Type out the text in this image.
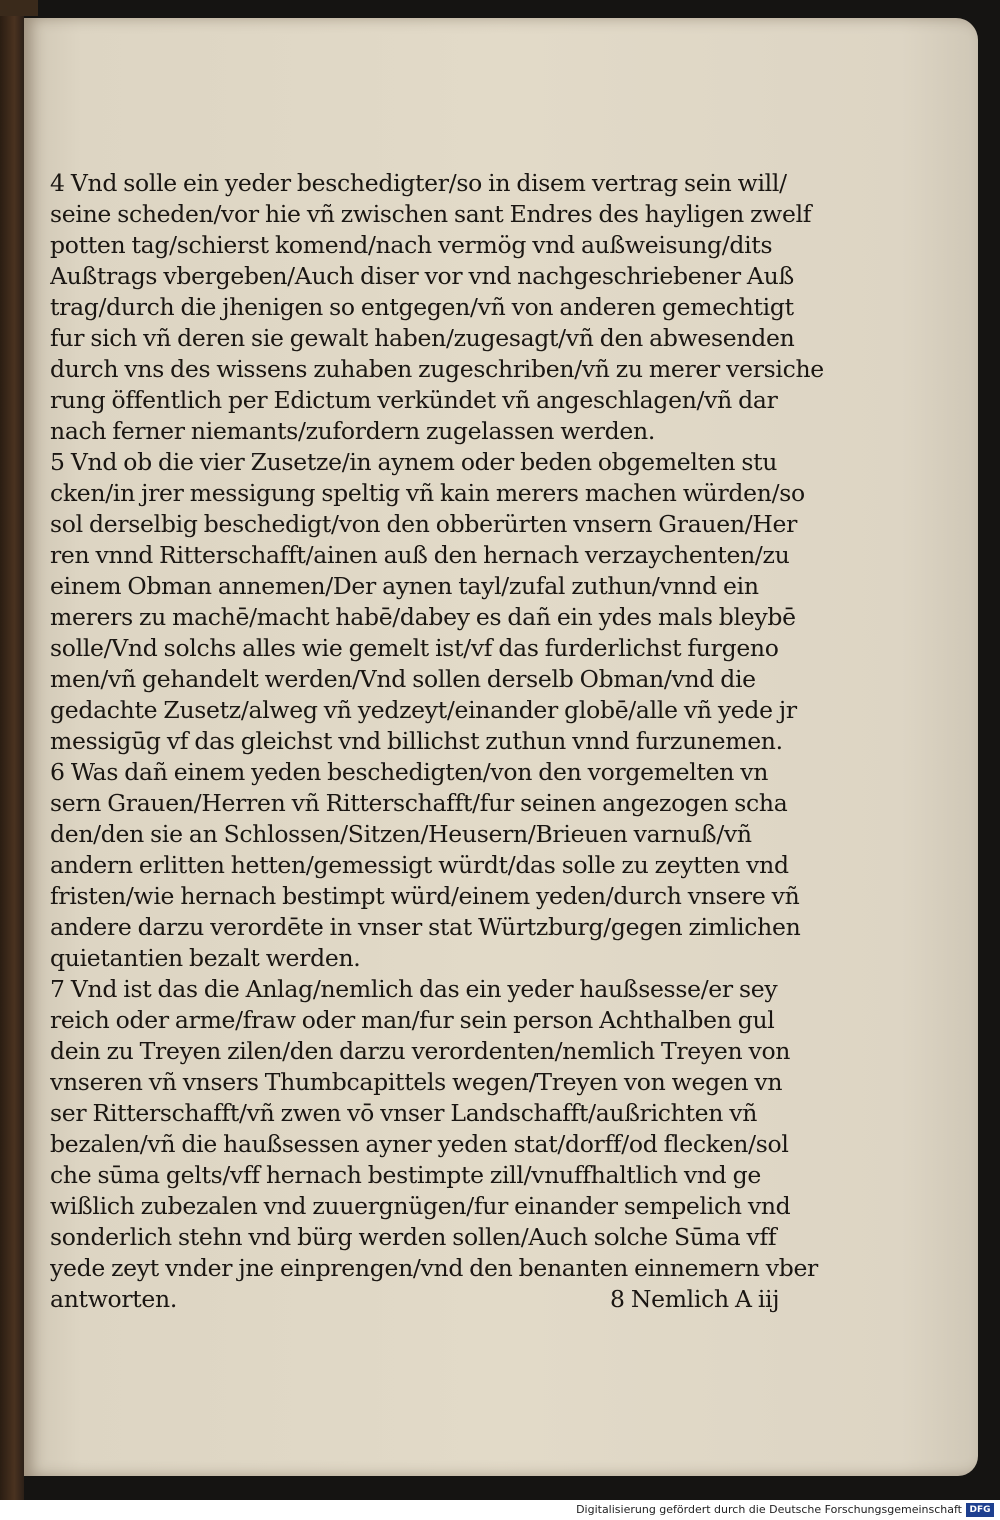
4 Vnd solle ein yeder beschedigter/so in disem vertrag sein will/
seine scheden/vor hie vñ zwischen sant Endres des hayligen zwelf
potten tag/schierst komend/nach vermög vnd außweisung/dits
Außtrags vbergeben/Auch diser vor vnd nachgeschriebener Auß
trag/durch die jhenigen so entgegen/vñ von anderen gemechtigt
fur sich vñ deren sie gewalt haben/zugesagt/vñ den abwesenden
durch vns des wissens zuhaben zugeschriben/vñ zu merer versiche
rung öffentlich per Edictum verkündet vñ angeschlagen/vñ dar
nach ferner niemants/zufordern zugelassen werden.
5 Vnd ob die vier Zusetze/in aynem oder beden obgemelten stu
cken/in jrer messigung speltig vñ kain merers machen würden/so
sol derselbig beschedigt/von den obberürten vnsern Grauen/Her
ren vnnd Ritterschafft/ainen auß den hernach verzaychenten/zu
einem Obman annemen/Der aynen tayl/zufal zuthun/vnnd ein
merers zu machē/macht habē/dabey es dañ ein ydes mals bleybē
solle/Vnd solchs alles wie gemelt ist/vf das furderlichst furgeno
men/vñ gehandelt werden/Vnd sollen derselb Obman/vnd die
gedachte Zusetz/alweg vñ yedzeyt/einander globē/alle vñ yede jr
messigūg vf das gleichst vnd billichst zuthun vnnd furzunemen.
6 Was dañ einem yeden beschedigten/von den vorgemelten vn
sern Grauen/Herren vñ Ritterschafft/fur seinen angezogen scha
den/den sie an Schlossen/Sitzen/Heusern/Brieuen varnuß/vñ
andern erlitten hetten/gemessigt würdt/das solle zu zeytten vnd
fristen/wie hernach bestimpt würd/einem yeden/durch vnsere vñ
andere darzu verordēte in vnser stat Würtzburg/gegen zimlichen
quietantien bezalt werden.
7 Vnd ist das die Anlag/nemlich das ein yeder haußsesse/er sey
reich oder arme/fraw oder man/fur sein person Achthalben gul
dein zu Treyen zilen/den darzu verordenten/nemlich Treyen von
vnseren vñ vnsers Thumbcapittels wegen/Treyen von wegen vn
ser Ritterschafft/vñ zwen vō vnser Landschafft/außrichten vñ
bezalen/vñ die haußsessen ayner yeden stat/dorff/od flecken/sol
che sūma gelts/vff hernach bestimpte zill/vnuffhaltlich vnd ge
wißlich zubezalen vnd zuuergnügen/fur einander sempelich vnd
sonderlich stehn vnd bürg werden sollen/Auch solche Sūma vff
yede zeyt vnder jne einprengen/vnd den benanten einnemern vber
antworten.	8 Nemlich A iij
Digitalisierung gefördert durch die Deutsche Forschungsgemeinschaft DFG
